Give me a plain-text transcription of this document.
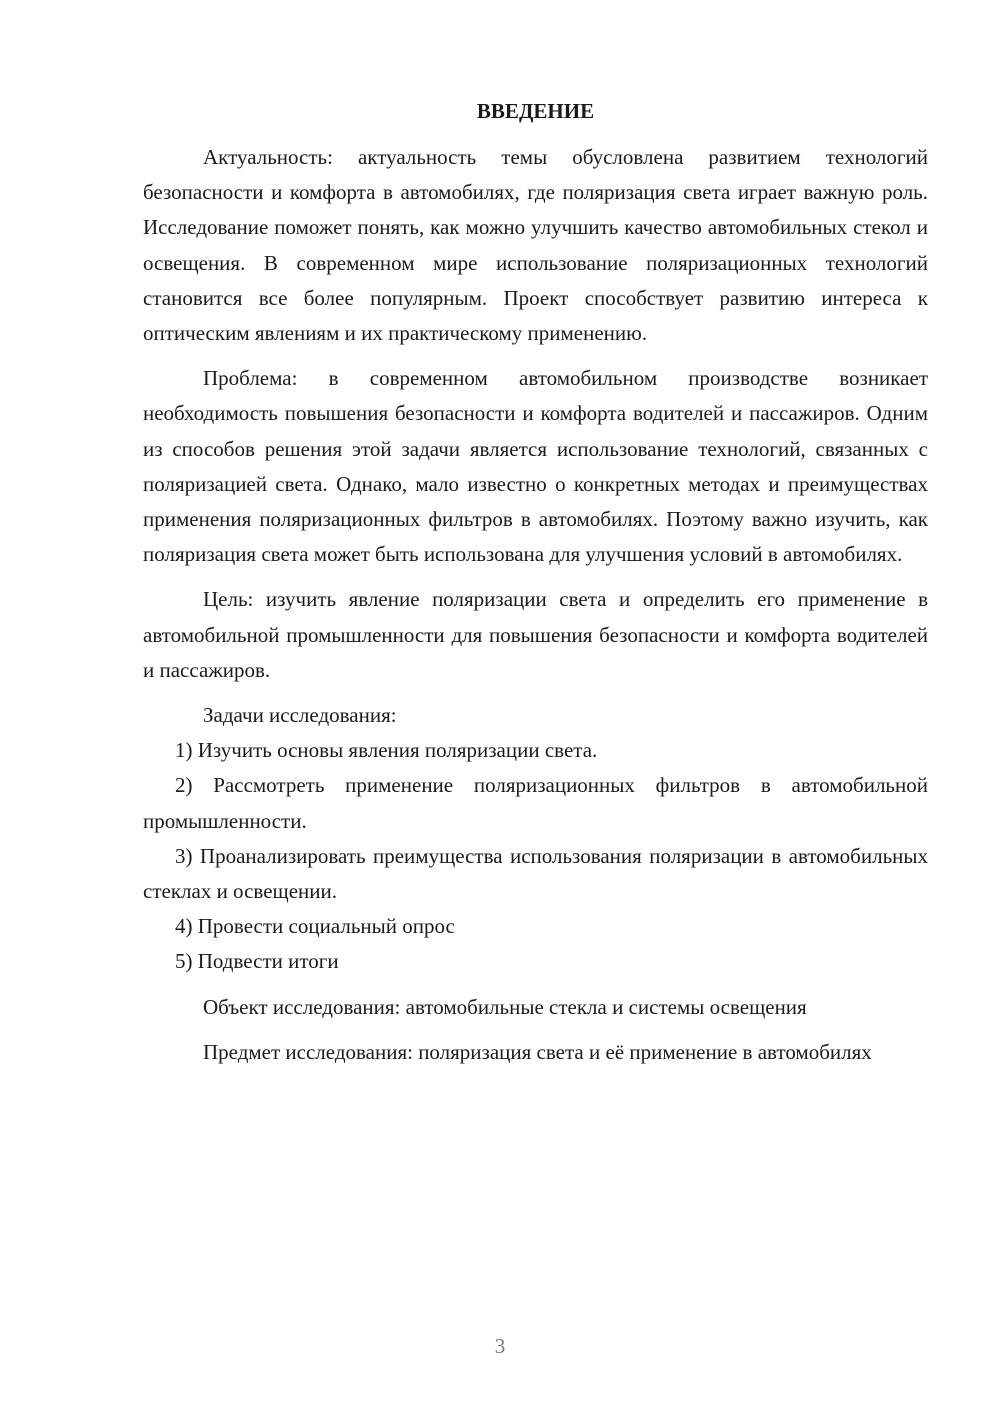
ВВЕДЕНИЕ

Актуальность: актуальность темы обусловлена развитием технологий безопасности и комфорта в автомобилях, где поляризация света играет важную роль. Исследование поможет понять, как можно улучшить качество автомобильных стекол и освещения. В современном мире использование поляризационных технологий становится все более популярным. Проект способствует развитию интереса к оптическим явлениям и их практическому применению.

Проблема: в современном автомобильном производстве возникает необходимость повышения безопасности и комфорта водителей и пассажиров. Одним из способов решения этой задачи является использование технологий, связанных с поляризацией света. Однако, мало известно о конкретных методах и преимуществах применения поляризационных фильтров в автомобилях. Поэтому важно изучить, как поляризация света может быть использована для улучшения условий в автомобилях.

Цель: изучить явление поляризации света и определить его применение в автомобильной промышленности для повышения безопасности и комфорта водителей и пассажиров.

Задачи исследования:

1) Изучить основы явления поляризации света.

2) Рассмотреть применение поляризационных фильтров в автомобильной промышленности.

3) Проанализировать преимущества использования поляризации в автомобильных стеклах и освещении.

4) Провести социальный опрос

5) Подвести итоги

Объект исследования: автомобильные стекла и системы освещения

Предмет исследования: поляризация света и её применение в автомобилях

3
